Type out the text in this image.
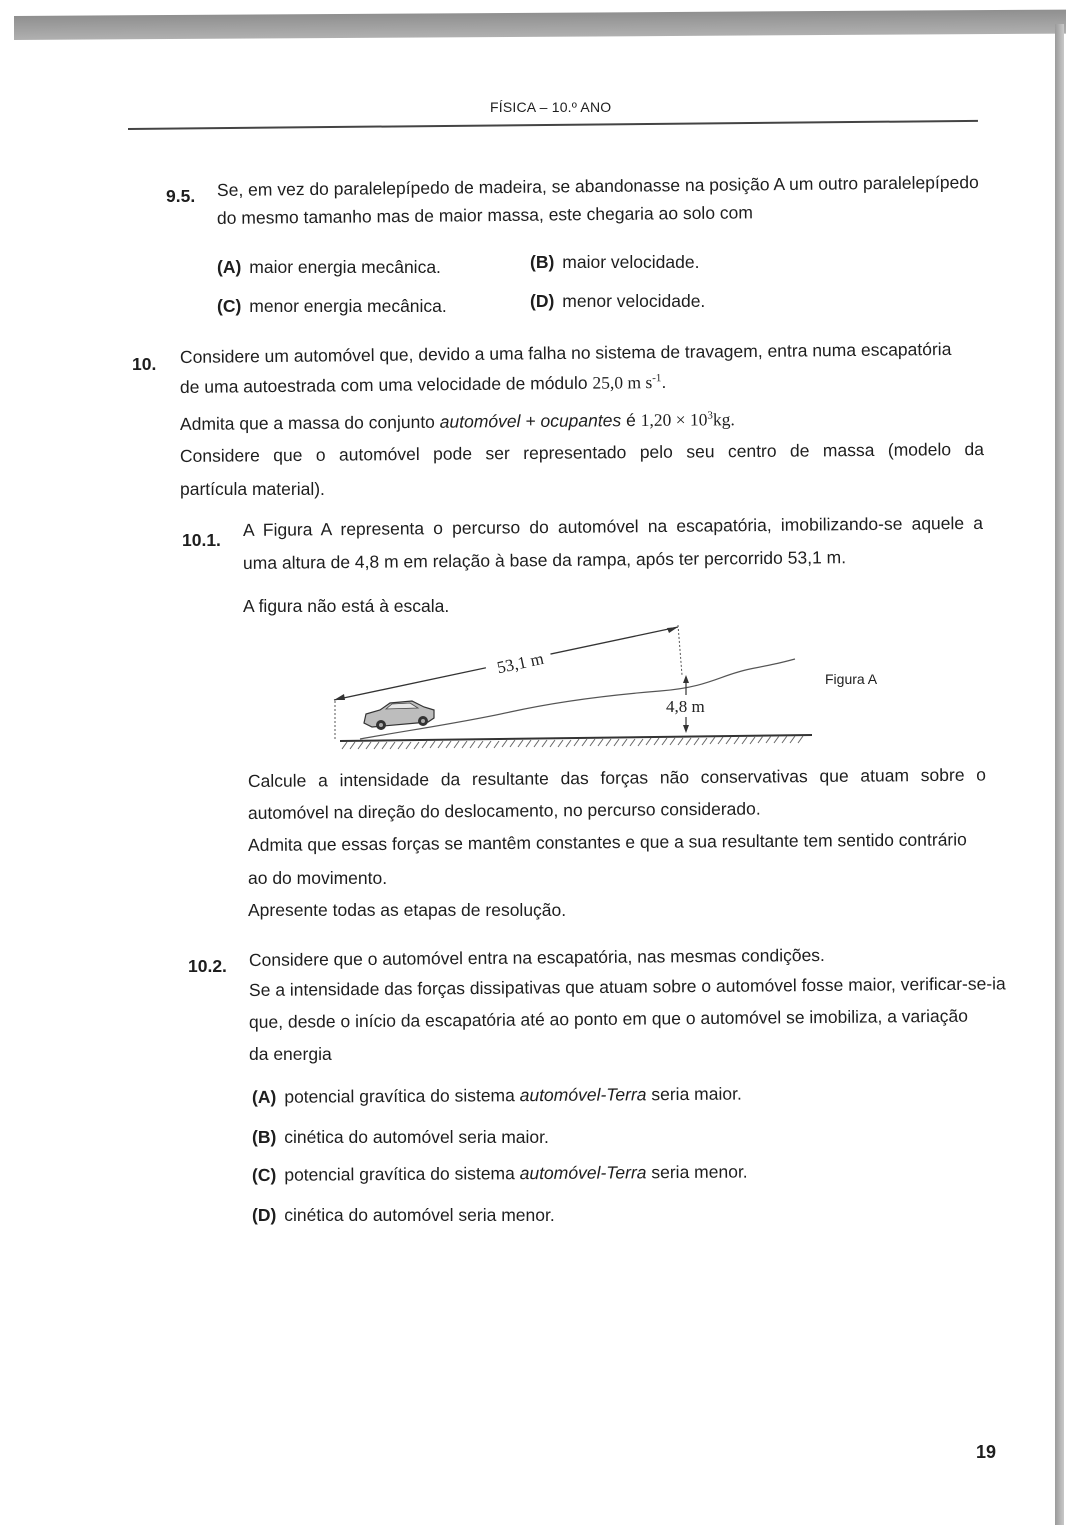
FÍSICA – 10.º ANO
9.5. Se, em vez do paralelepípedo de madeira, se abandonasse na posição A um outro paralelepípedo
do mesmo tamanho mas de maior massa, este chegaria ao solo com
(A) maior energia mecânica.	(B) maior velocidade.
(C) menor energia mecânica.	(D) menor velocidade.
10. Considere um automóvel que, devido a uma falha no sistema de travagem, entra numa escapatória
de uma autoestrada com uma velocidade de módulo 25,0 m $s^{-1}$.
Admita que a massa do conjunto automóvel + ocupantes é $1,20 \times 10^3kg$.
Considere que o automóvel pode ser representado pelo seu centro de massa (modelo da
partícula material).
10.1.
A Figura A representa o percurso do automóvel na escapatória, imobilizando-se aquele a
uma altura de 4,8 m em relação à base da rampa, após ter percorrido 53,1 m.
A figura não está à escala.
53,1 m
4,8 m
Figura A
Calcule a intensidade da resultante das forças não conservativas que atuam sobre o
automóvel na direção do deslocamento, no percurso considerado.
Admita que essas forças se mantêm constantes e que a sua resultante tem sentido contrário
ao do movimento.
Apresente todas as etapas de resolução.
10.2. Considere que o automóvel entra na escapatória, nas mesmas condições.
Se a intensidade das forças dissipativas que atuam sobre o automóvel fosse maior, verificar-se-ia
que, desde o início da escapatória até ao ponto em que o automóvel se imobiliza, a variação
da energia
(A) potencial gravítica do sistema automóvel-Terra seria maior.
(B) cinética do automóvel seria maior.
(C) potencial gravítica do sistema automóvel-Terra seria menor.
(D) cinética do automóvel seria menor.
19
